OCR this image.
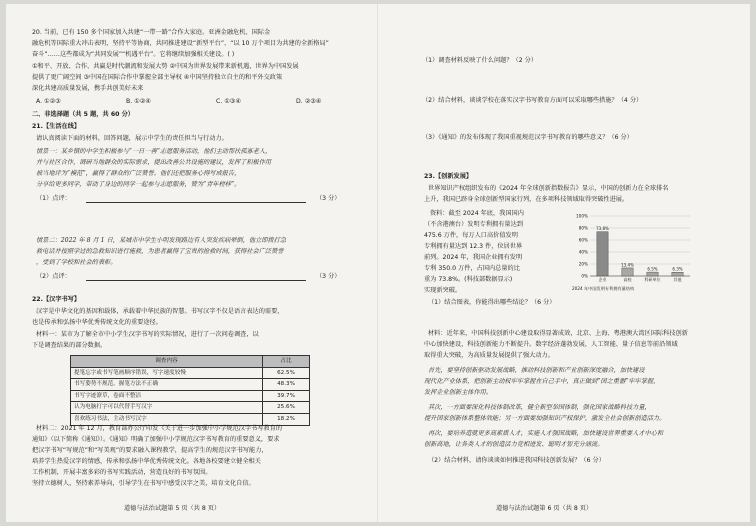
20. 当前，已有 150 多个国家加入共建“一带一路”合作大家庭。亚洲金融危机、国际金
融危机等国际重大冲击表明，坚持平等协商，共同推进建设“新型平台”、“以 10 万个项目为共建的全新格局”
奋斗”……这些都成为“共同发展”“机遇平台”。它将继续加强相关建设。( )
①和平、开放、合作、共赢是时代潮流和发展大势 ②中国为世界发展带来新机遇，世界为中国发展
提供了更广阔空间 ③中国在国际合作中掌握全部主导权 ④中国坚持独立自主的和平外交政策
深化共建高质量发展，携手共创美好未来
A. ①②③	B. ①②④	C. ①③④	D. ②③④
二、非选择题（共 5 题，共 60 分）
21.【生活在线】
请认真阅读下面的材料，回答问题，展示中学生的责任担当与行动力。
情景一：某乡镇的中学生积极参与“一日一善”志愿服务活动，他们主动帮扶孤寡老人，
并与社区合作，调研当地群众的实际需求，提出改善公共设施的建议，发挥了积极作用
被当地评为“模范”，赢得了群众的广泛赞誉。他们还把服务心得写成报告，
分享给更多同学，带动了身边的同学一起参与志愿服务，赞为“青年榜样”。
（1）点评：	（3 分）
情景二：2022 年 8 月 1 日，某城市中学生小明发现路边有人突发疾病晕倒，他立即拨打急
救电话并按照学过的急救知识进行施救，为患者赢得了宝贵的抢救时间，获得社会广泛赞誉
，受到了学校和社会的表彰。
（2）点评：	（3 分）
22.【汉字书写】
汉字是中华文化的基因和载体，承载着中华民族的智慧。书写汉字不仅是语言表达的需要，
也是传承和弘扬中华优秀传统文化的重要途径。
材料一：某市为了解全市中小学生汉字书写的实际情况，进行了一次问卷调查，以
下是调查结果的部分数据。
调查内容	占比
提笔忘字或书写笔画顺序错误，写字速度较慢	62.5%
书写姿势不规范，握笔方法不正确	48.3%
书写字迹潦草，卷面不整洁	39.7%
认为电脑打字可以代替手写汉字	25.6%
喜欢练习书法，主动书写汉字	18.2%
材料二：2021 年 12 月，教育部办公厅印发《关于进一步加强中小学规范汉字书写教育的
通知》（以下简称《通知》）。《通知》明确了加强中小学规范汉字书写教育的重要意义，要求
把汉字书写“写规范”和“写美观”的要求融入课程教学，提高学生的规范汉字书写能力，
培养学生热爱汉字的情感，传承和弘扬中华优秀传统文化。各地各校要建立健全相关
工作机制，开展丰富多彩的书写实践活动，营造良好的书写氛围。
坚持立德树人，坚持素养导向，引导学生在书写中感受汉字之美，培育文化自信。
道德与法治试题第 5 页（共 8 页）
（1）调查材料反映了什么问题？（2 分）
（2）结合材料，谈谈学校在落实汉字书写教育方面可以采取哪些措施？（4 分）
（3）《通知》的发布体现了我国重视规范汉字书写教育的哪些意义？（6 分）
23.【创新发展】
世界知识产权组织发布的《2024 年全球创新指数报告》显示，中国的创新力在全球排名
上升，我国已跻身全球创新型国家行列，在多项科技领域取得突破性进展。
资料：截至 2024 年底，我国国内
（不含港澳台）发明专利拥有量达到
475.6 万件，每万人口高价值发明
专利拥有量达到 12.3 件，位居世界
前列。2024 年，我国企业拥有发明
专利 350.0 万件，占国内总量的比
重为 73.8%。(科技部数据显示)
实现新突破。
100%
80%
60%
40%
20%
0%
企业
73.8%
高校
13.4%
科研单位
6.5%
其他
6.3%
2024 年中国发明专利拥有量结构
（1）结合图表，你能得出哪些结论？（6 分）
材料：近年来，中国科技创新中心建设取得显著成效，北京、上海、粤港澳大湾区国际科技创新
中心加快建设，科技创新能力不断提升。数字经济蓬勃发展，人工智能、量子信息等前沿领域
取得重大突破，为高质量发展提供了强大动力。
首先，要坚持创新驱动发展战略，推动科技创新和产业创新深度融合，加快建设
现代化产业体系，把创新主动权牢牢掌握在自己手中，真正做到“国之重器”牢牢掌握，
发挥企业创新主体作用。
其次，一方面要深化科技体制改革，健全新型举国体制，强化国家战略科技力量，
提升国家创新体系整体效能；另一方面要加强知识产权保护，激发全社会创新创造活力。
再次，要培养造就更多高素质人才，实施人才强国战略，加快建设世界重要人才中心和
创新高地，让各类人才的创造活力竞相迸发、聪明才智充分涌流。
（2）结合材料，请你谈谈如何推进我国科技创新发展？（6 分）
道德与法治试题第 6 页（共 8 页）
